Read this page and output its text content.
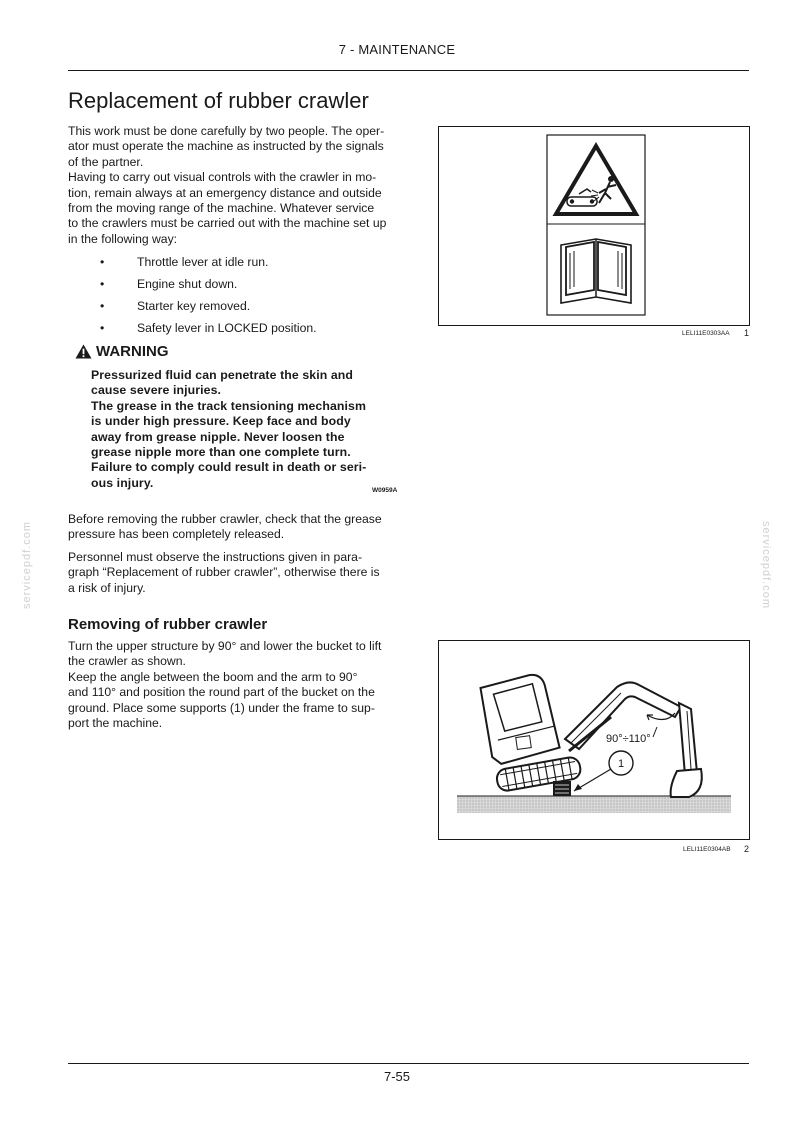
7 - MAINTENANCE
Replacement of rubber crawler
This work must be done carefully by two people. The oper-
ator must operate the machine as instructed by the signals
of the partner.
Having to carry out visual controls with the crawler in mo-
tion, remain always at an emergency distance and outside
from the moving range of the machine. Whatever service
to the crawlers must be carried out with the machine set up
in the following way:
•	Throttle lever at idle run.
•	Engine shut down.
•	Starter key removed.
•	Safety lever in LOCKED position.
WARNING
Pressurized fluid can penetrate the skin and
cause severe injuries.
The grease in the track tensioning mechanism
is under high pressure. Keep face and body
away from grease nipple. Never loosen the
grease nipple more than one complete turn.
Failure to comply could result in death or seri-
ous injury.
W0959A
Before removing the rubber crawler, check that the grease
pressure has been completely released.
Personnel must observe the instructions given in para-
graph “Replacement of rubber crawler”, otherwise there is
a risk of injury.
Removing of rubber crawler
Turn the upper structure by 90° and lower the bucket to lift
the crawler as shown.
Keep the angle between the boom and the arm to 90°
and 110° and position the round part of the bucket on the
ground. Place some supports (1) under the frame to sup-
port the machine.
LELI11E0303AA 1
90°÷110°
1
LELI11E0304AB 2
servicepdf.com	servicepdf.com
7-55
